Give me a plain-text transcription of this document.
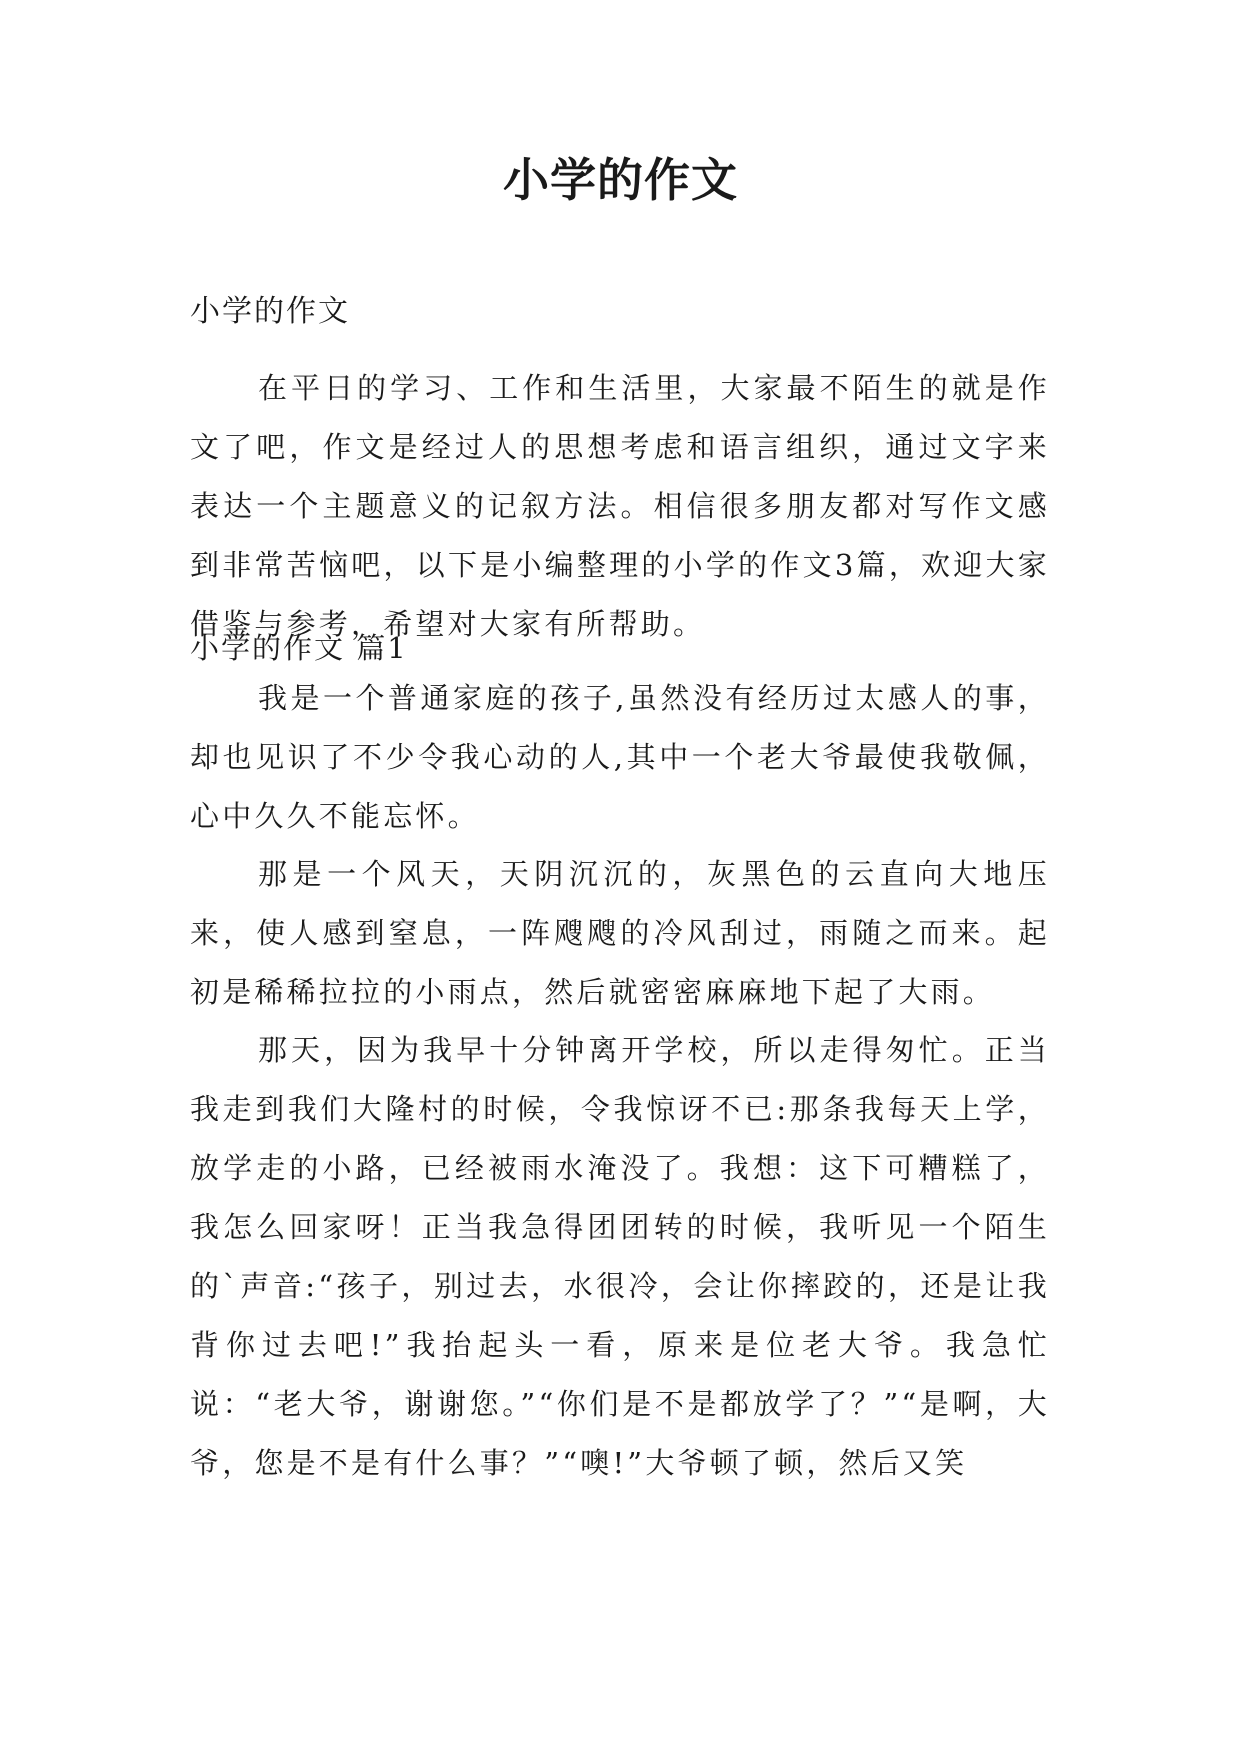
小学的作文
小学的作文

在平日的学习、工作和生活里，大家最不陌生的就是作文了吧，作文是经过人的思想考虑和语言组织，通过文字来表达一个主题意义的记叙方法。相信很多朋友都对写作文感到非常苦恼吧，以下是小编整理的小学的作文3篇，欢迎大家借鉴与参考，希望对大家有所帮助。

小学的作文 篇1

我是一个普通家庭的孩子,虽然没有经历过太感人的事，却也见识了不少令我心动的人,其中一个老大爷最使我敬佩，心中久久不能忘怀。

那是一个风天，天阴沉沉的，灰黑色的云直向大地压来，使人感到窒息，一阵飕飕的冷风刮过，雨随之而来。起初是稀稀拉拉的小雨点，然后就密密麻麻地下起了大雨。

那天，因为我早十分钟离开学校，所以走得匆忙。正当我走到我们大隆村的时候，令我惊讶不已:那条我每天上学，放学走的小路，已经被雨水淹没了。我想：这下可糟糕了，我怎么回家呀！正当我急得团团转的时候，我听见一个陌生的`声音:“孩子，别过去，水很冷，会让你摔跤的，还是让我背你过去吧!”我抬起头一看，原来是位老大爷。我急忙说：“老大爷，谢谢您。”“你们是不是都放学了？”“是啊，大爷，您是不是有什么事？”“噢!”大爷顿了顿，然后又笑
